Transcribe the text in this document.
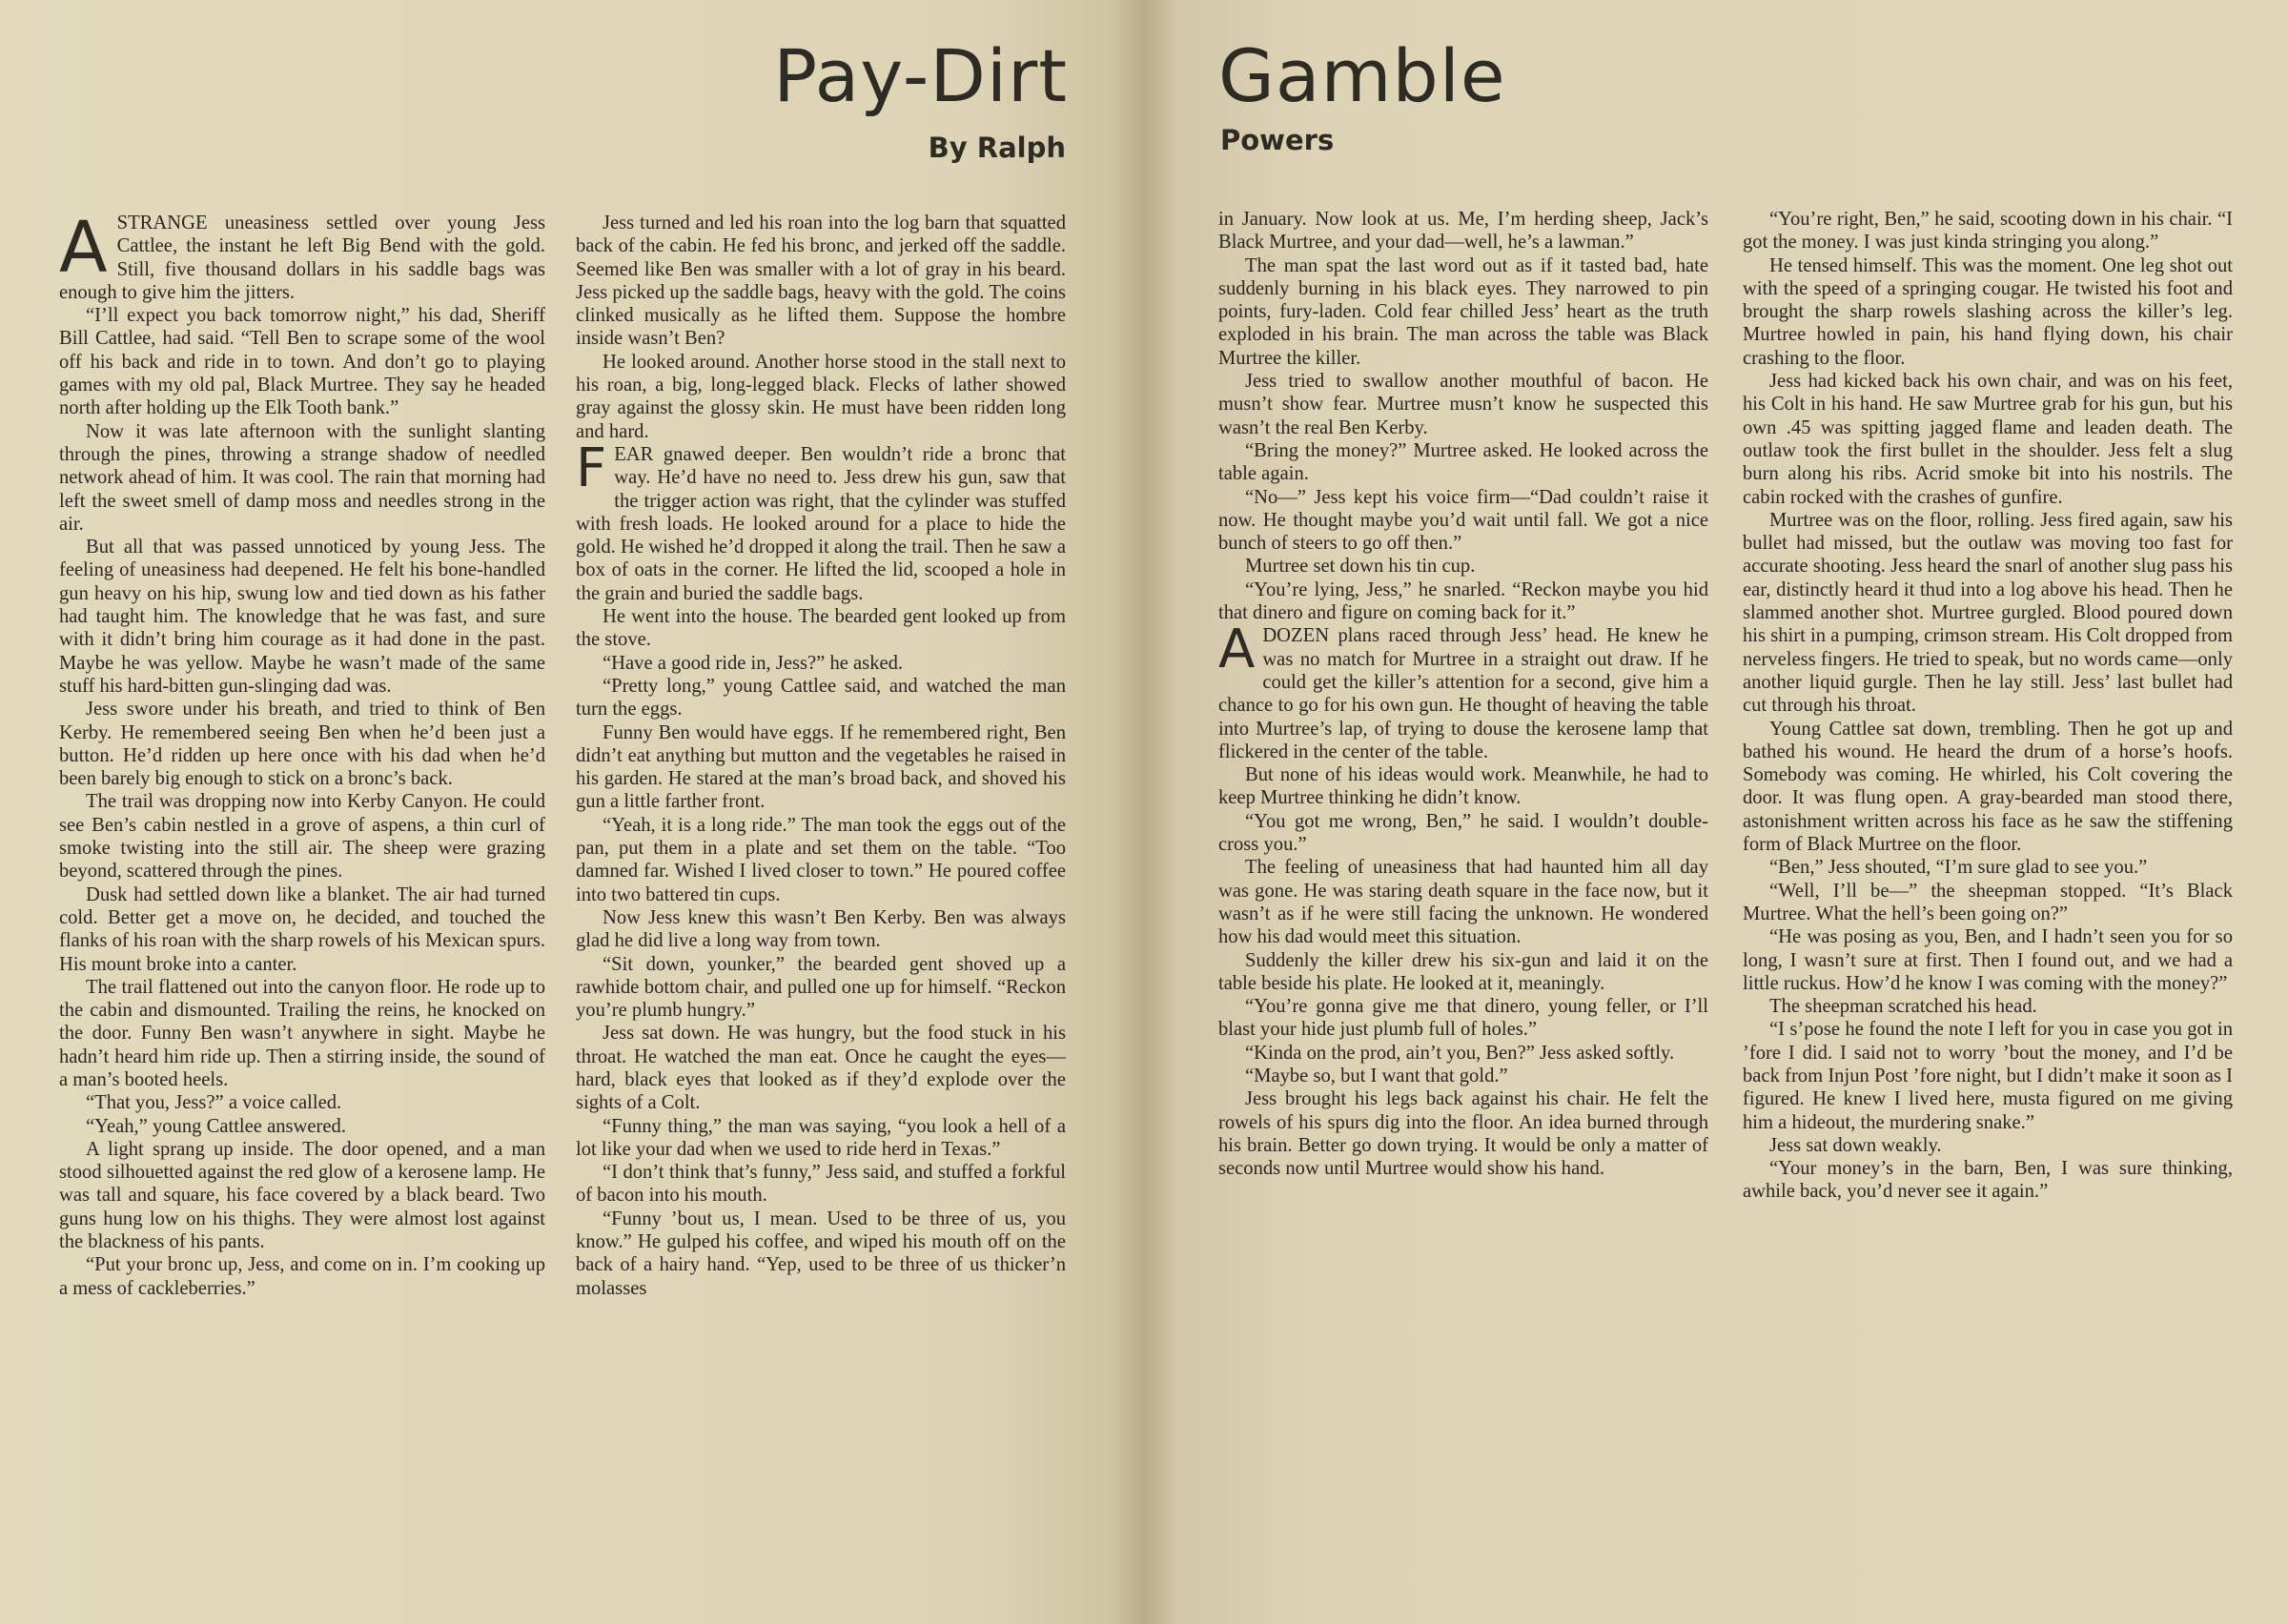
Pay-Dirt
By Ralph

ASTRANGE uneasiness settled over young Jess Cattlee, the instant he left Big Bend with the gold. Still, five thousand dollars in his saddle bags was enough to give him the jitters.

“I’ll expect you back tomorrow night,” his dad, Sheriff Bill Cattlee, had said. “Tell Ben to scrape some of the wool off his back and ride in to town. And don’t go to playing games with my old pal, Black Murtree. They say he headed north after holding up the Elk Tooth bank.”

Now it was late afternoon with the sunlight slanting through the pines, throwing a strange shadow of needled network ahead of him. It was cool. The rain that morning had left the sweet smell of damp moss and needles strong in the air.

But all that was passed unnoticed by young Jess. The feeling of uneasiness had deepened. He felt his bone-handled gun heavy on his hip, swung low and tied down as his father had taught him. The knowledge that he was fast, and sure with it didn’t bring him courage as it had done in the past. Maybe he was yellow. Maybe he wasn’t made of the same stuff his hard-bitten gun-slinging dad was.

Jess swore under his breath, and tried to think of Ben Kerby. He remembered seeing Ben when he’d been just a button. He’d ridden up here once with his dad when he’d been barely big enough to stick on a bronc’s back.

The trail was dropping now into Kerby Canyon. He could see Ben’s cabin nestled in a grove of aspens, a thin curl of smoke twisting into the still air. The sheep were grazing beyond, scattered through the pines.

Dusk had settled down like a blanket. The air had turned cold. Better get a move on, he decided, and touched the flanks of his roan with the sharp rowels of his Mexican spurs. His mount broke into a canter.

The trail flattened out into the canyon floor. He rode up to the cabin and dismounted. Trailing the reins, he knocked on the door. Funny Ben wasn’t anywhere in sight. Maybe he hadn’t heard him ride up. Then a stirring inside, the sound of a man’s booted heels.

“That you, Jess?” a voice called.

“Yeah,” young Cattlee answered.

A light sprang up inside. The door opened, and a man stood silhouetted against the red glow of a kerosene lamp. He was tall and square, his face covered by a black beard. Two guns hung low on his thighs. They were almost lost against the blackness of his pants.

“Put your bronc up, Jess, and come on in. I’m cooking up a mess of cackleberries.”

Jess turned and led his roan into the log barn that squatted back of the cabin. He fed his bronc, and jerked off the saddle. Seemed like Ben was smaller with a lot of gray in his beard. Jess picked up the saddle bags, heavy with the gold. The coins clinked musically as he lifted them. Suppose the hombre inside wasn’t Ben?

He looked around. Another horse stood in the stall next to his roan, a big, long-legged black. Flecks of lather showed gray against the glossy skin. He must have been ridden long and hard.

FEAR gnawed deeper. Ben wouldn’t ride a bronc that way. He’d have no need to. Jess drew his gun, saw that the trigger action was right, that the cylinder was stuffed with fresh loads. He looked around for a place to hide the gold. He wished he’d dropped it along the trail. Then he saw a box of oats in the corner. He lifted the lid, scooped a hole in the grain and buried the saddle bags.

He went into the house. The bearded gent looked up from the stove.

“Have a good ride in, Jess?” he asked.

“Pretty long,” young Cattlee said, and watched the man turn the eggs.

Funny Ben would have eggs. If he remembered right, Ben didn’t eat anything but mutton and the vegetables he raised in his garden. He stared at the man’s broad back, and shoved his gun a little farther front.

“Yeah, it is a long ride.” The man took the eggs out of the pan, put them in a plate and set them on the table. “Too damned far. Wished I lived closer to town.” He poured coffee into two battered tin cups.

Now Jess knew this wasn’t Ben Kerby. Ben was always glad he did live a long way from town.

“Sit down, younker,” the bearded gent shoved up a rawhide bottom chair, and pulled one up for himself. “Reckon you’re plumb hungry.”

Jess sat down. He was hungry, but the food stuck in his throat. He watched the man eat. Once he caught the eyes—hard, black eyes that looked as if they’d explode over the sights of a Colt.

“Funny thing,” the man was saying, “you look a hell of a lot like your dad when we used to ride herd in Texas.”

“I don’t think that’s funny,” Jess said, and stuffed a forkful of bacon into his mouth.

“Funny ’bout us, I mean. Used to be three of us, you know.” He gulped his coffee, and wiped his mouth off on the back of a hairy hand. “Yep, used to be three of us thicker’n molasses

Gamble
Powers

in January. Now look at us. Me, I’m herding sheep, Jack’s Black Murtree, and your dad—well, he’s a lawman.”

The man spat the last word out as if it tasted bad, hate suddenly burning in his black eyes. They narrowed to pin points, fury-laden. Cold fear chilled Jess’ heart as the truth exploded in his brain. The man across the table was Black Murtree the killer.

Jess tried to swallow another mouthful of bacon. He musn’t show fear. Murtree musn’t know he suspected this wasn’t the real Ben Kerby.

“Bring the money?” Murtree asked. He looked across the table again.

“No—” Jess kept his voice firm—“Dad couldn’t raise it now. He thought maybe you’d wait until fall. We got a nice bunch of steers to go off then.”

Murtree set down his tin cup.

“You’re lying, Jess,” he snarled. “Reckon maybe you hid that dinero and figure on coming back for it.”

ADOZEN plans raced through Jess’ head. He knew he was no match for Murtree in a straight out draw. If he could get the killer’s attention for a second, give him a chance to go for his own gun. He thought of heaving the table into Murtree’s lap, of trying to douse the kerosene lamp that flickered in the center of the table.

But none of his ideas would work. Meanwhile, he had to keep Murtree thinking he didn’t know.

“You got me wrong, Ben,” he said. I wouldn’t double-cross you.”

The feeling of uneasiness that had haunted him all day was gone. He was staring death square in the face now, but it wasn’t as if he were still facing the unknown. He wondered how his dad would meet this situation.

Suddenly the killer drew his six-gun and laid it on the table beside his plate. He looked at it, meaningly.

“You’re gonna give me that dinero, young feller, or I’ll blast your hide just plumb full of holes.”

“Kinda on the prod, ain’t you, Ben?” Jess asked softly.

“Maybe so, but I want that gold.”

Jess brought his legs back against his chair. He felt the rowels of his spurs dig into the floor. An idea burned through his brain. Better go down trying. It would be only a matter of seconds now until Murtree would show his hand.

“You’re right, Ben,” he said, scooting down in his chair. “I got the money. I was just kinda stringing you along.”

He tensed himself. This was the moment. One leg shot out with the speed of a springing cougar. He twisted his foot and brought the sharp rowels slashing across the killer’s leg. Murtree howled in pain, his hand flying down, his chair crashing to the floor.

Jess had kicked back his own chair, and was on his feet, his Colt in his hand. He saw Murtree grab for his gun, but his own .45 was spitting jagged flame and leaden death. The outlaw took the first bullet in the shoulder. Jess felt a slug burn along his ribs. Acrid smoke bit into his nostrils. The cabin rocked with the crashes of gunfire.

Murtree was on the floor, rolling. Jess fired again, saw his bullet had missed, but the outlaw was moving too fast for accurate shooting. Jess heard the snarl of another slug pass his ear, distinctly heard it thud into a log above his head. Then he slammed another shot. Murtree gurgled. Blood poured down his shirt in a pumping, crimson stream. His Colt dropped from nerveless fingers. He tried to speak, but no words came—only another liquid gurgle. Then he lay still. Jess’ last bullet had cut through his throat.

Young Cattlee sat down, trembling. Then he got up and bathed his wound. He heard the drum of a horse’s hoofs. Somebody was coming. He whirled, his Colt covering the door. It was flung open. A gray-bearded man stood there, astonishment written across his face as he saw the stiffening form of Black Murtree on the floor.

“Ben,” Jess shouted, “I’m sure glad to see you.”

“Well, I’ll be—” the sheepman stopped. “It’s Black Murtree. What the hell’s been going on?”

“He was posing as you, Ben, and I hadn’t seen you for so long, I wasn’t sure at first. Then I found out, and we had a little ruckus. How’d he know I was coming with the money?”

The sheepman scratched his head.

“I s’pose he found the note I left for you in case you got in ’fore I did. I said not to worry ’bout the money, and I’d be back from Injun Post ’fore night, but I didn’t make it soon as I figured. He knew I lived here, musta figured on me giving him a hideout, the murdering snake.”

Jess sat down weakly.

“Your money’s in the barn, Ben, I was sure thinking, awhile back, you’d never see it again.”
